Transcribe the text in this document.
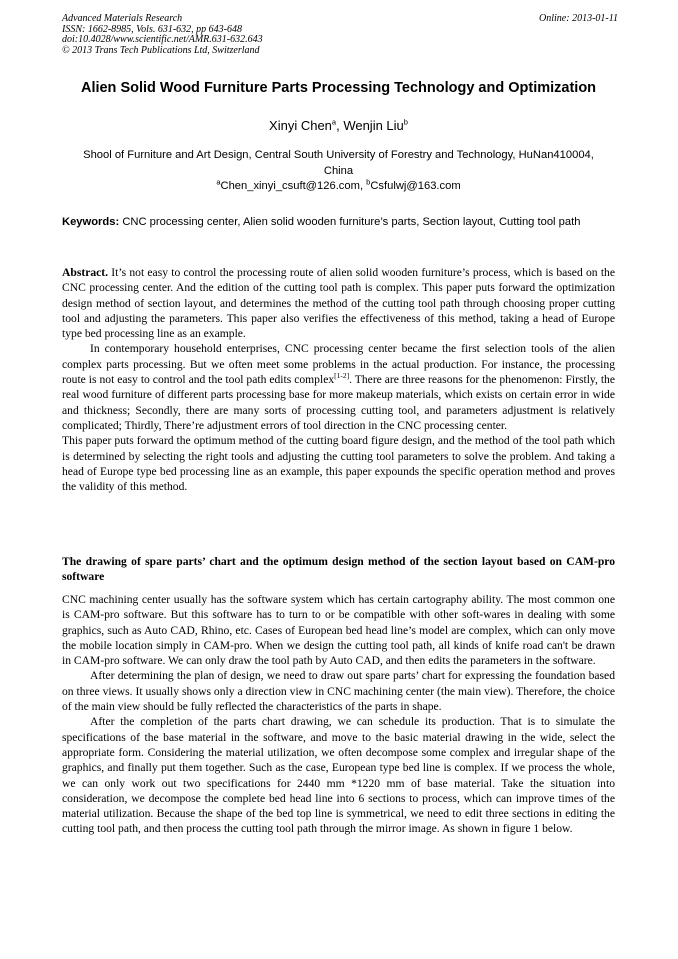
Advanced Materials Research
ISSN: 1662-8985, Vols. 631-632, pp 643-648
doi:10.4028/www.scientific.net/AMR.631-632.643
© 2013 Trans Tech Publications Ltd, Switzerland
Online: 2013-01-11
Alien Solid Wood Furniture Parts Processing Technology and Optimization
Xinyi Chen$^a$, Wenjin Liu$^b$
Shool of Furniture and Art Design, Central South University of Forestry and Technology, HuNan410004, China
$^a$Chen_xinyi_csuft@126.com, $^b$Csfulwj@163.com
Keywords: CNC processing center, Alien solid wooden furniture’s parts, Section layout, Cutting tool path

Abstract. It’s not easy to control the processing route of alien solid wooden furniture’s process, which is based on the CNC processing center. And the edition of the cutting tool path is complex. This paper puts forward the optimization design method of section layout, and determines the method of the cutting tool path through choosing proper cutting tool and adjusting the parameters. This paper also verifies the effectiveness of this method, taking a head of Europe type bed processing line as an example.

In contemporary household enterprises, CNC processing center became the first selection tools of the alien complex parts processing. But we often meet some problems in the actual production. For instance, the processing route is not easy to control and the tool path edits complex[1-2]. There are three reasons for the phenomenon: Firstly, the real wood furniture of different parts processing base for more makeup materials, which exists on certain error in wide and thickness; Secondly, there are many sorts of processing cutting tool, and parameters adjustment is relatively complicated; Thirdly, There’re adjustment errors of tool direction in the CNC processing center.

This paper puts forward the optimum method of the cutting board figure design, and the method of the tool path which is determined by selecting the right tools and adjusting the cutting tool parameters to solve the problem. And taking a head of Europe type bed processing line as an example, this paper expounds the specific operation method and proves the validity of this method.

The drawing of spare parts’ chart and the optimum design method of the section layout based on CAM-pro software

CNC machining center usually has the software system which has certain cartography ability. The most common one is CAM-pro software. But this software has to turn to or be compatible with other soft-wares in dealing with some graphics, such as Auto CAD, Rhino, etc. Cases of European bed head line’s model are complex, which can only move the mobile location simply in CAM-pro. When we design the cutting tool path, all kinds of knife road can't be drawn in CAM-pro software. We can only draw the tool path by Auto CAD, and then edits the parameters in the software.

After determining the plan of design, we need to draw out spare parts’ chart for expressing the foundation based on three views. It usually shows only a direction view in CNC machining center (the main view). Therefore, the choice of the main view should be fully reflected the characteristics of the parts in shape.

After the completion of the parts chart drawing, we can schedule its production. That is to simulate the specifications of the base material in the software, and move to the basic material drawing in the wide, select the appropriate form. Considering the material utilization, we often decompose some complex and irregular shape of the graphics, and finally put them together. Such as the case, European type bed line is complex. If we process the whole, we can only work out two specifications for 2440 mm *1220 mm of base material. Take the situation into consideration, we decompose the complete bed head line into 6 sections to process, which can improve times of the material utilization. Because the shape of the bed top line is symmetrical, we need to edit three sections in editing the cutting tool path, and then process the cutting tool path through the mirror image. As shown in figure 1 below.
